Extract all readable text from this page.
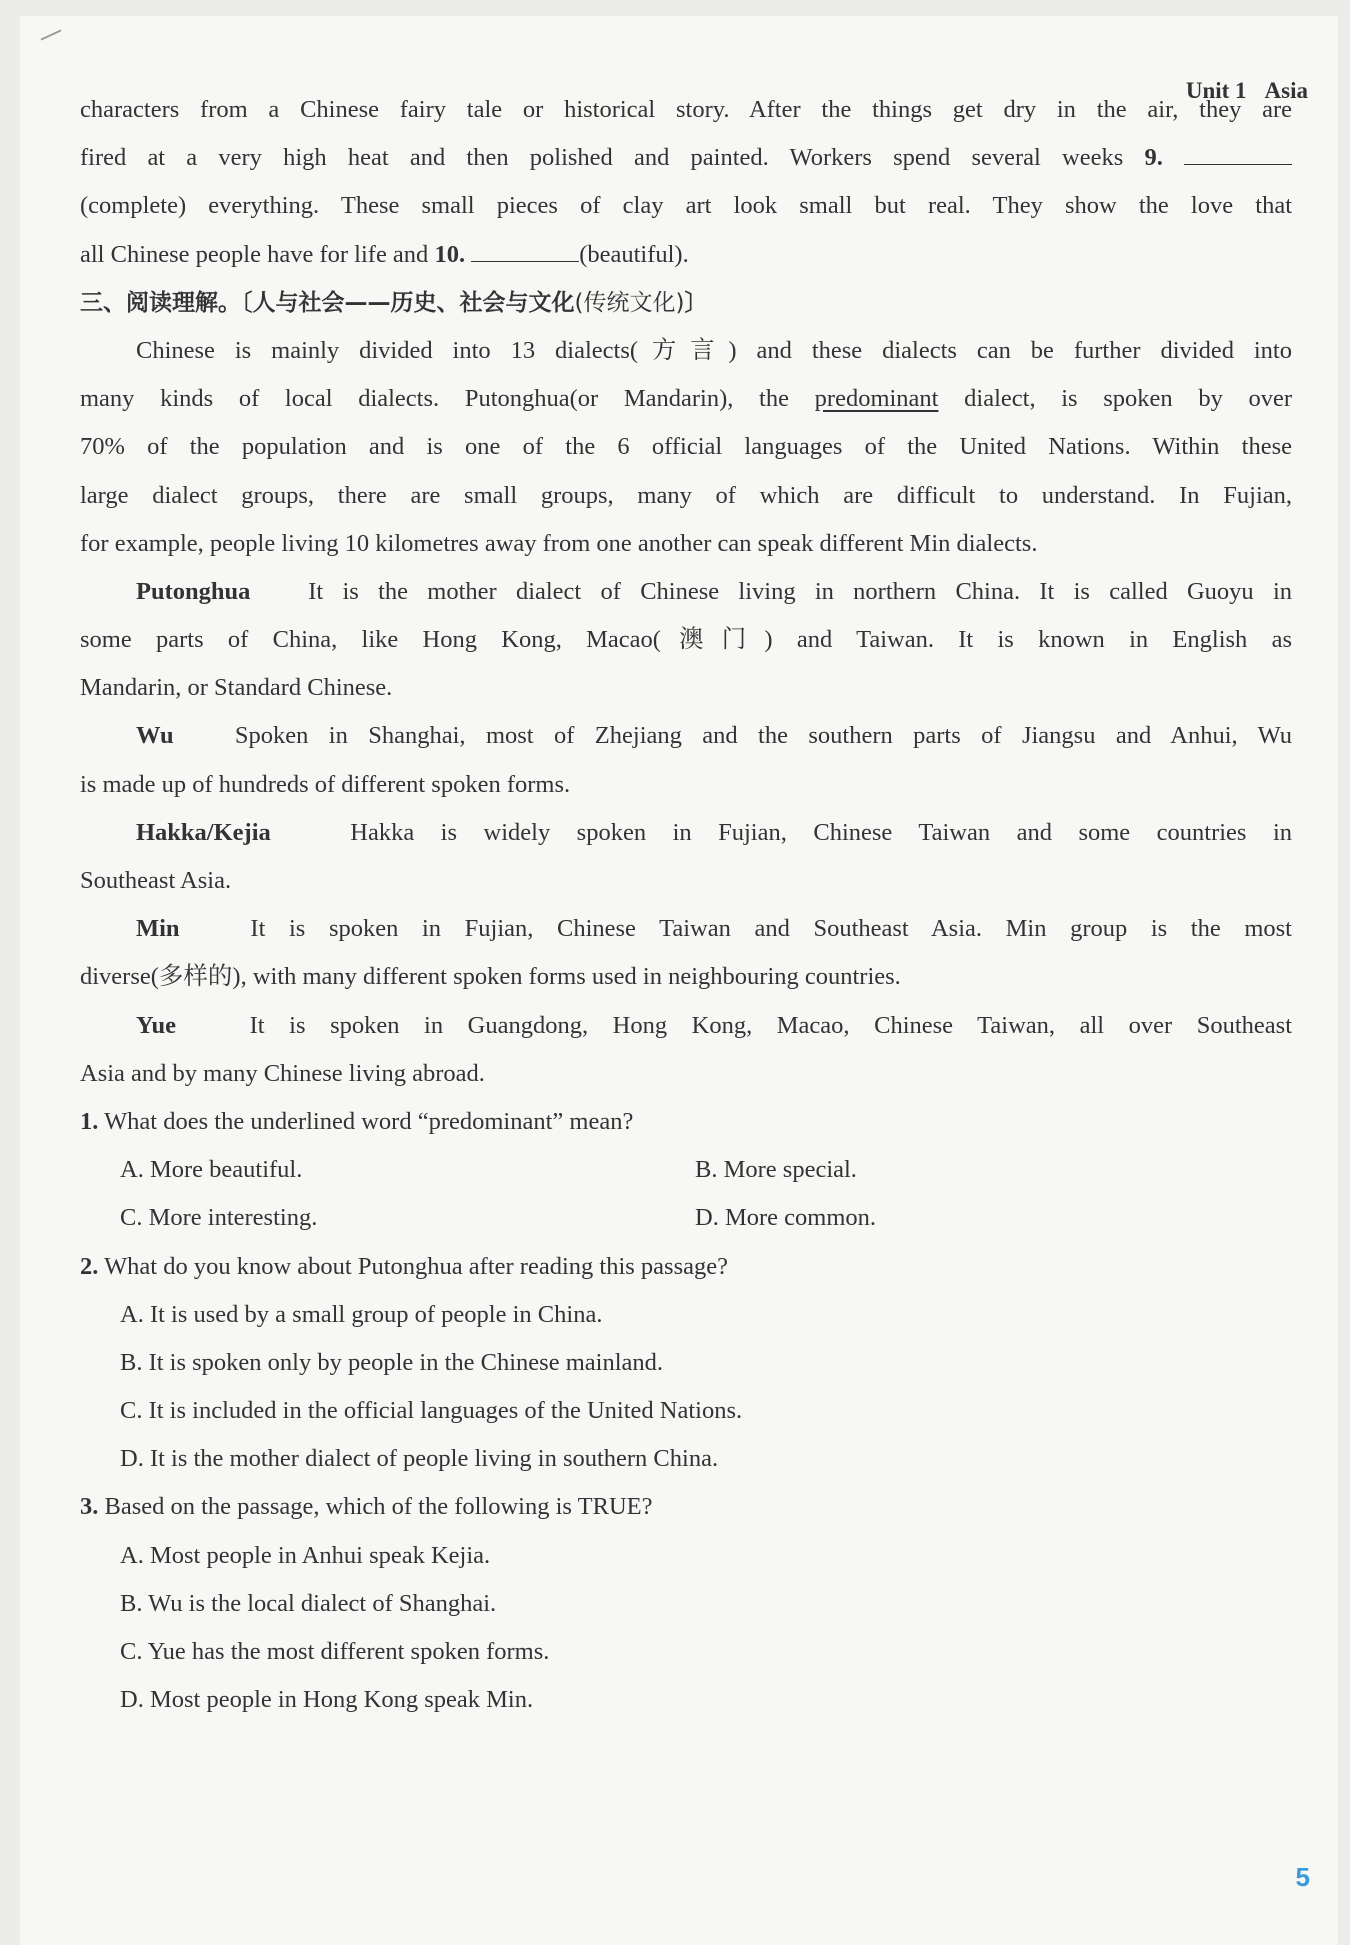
Unit 1 Asia
characters from a Chinese fairy tale or historical story. After the things get dry in the air, they are
fired at a very high heat and then polished and painted. Workers spend several weeks 9.
(complete) everything. These small pieces of clay art look small but real. They show the love that
all Chinese people have for life and 10.	(beautiful).
三、阅读理解。〔人与社会——历史、社会与文化(传统文化)〕
Chinese is mainly divided into 13 dialects(方言) and these dialects can be further divided into
many kinds of local dialects. Putonghua(or Mandarin), the predominant dialect, is spoken by over
70% of the population and is one of the 6 official languages of the United Nations. Within these
large dialect groups, there are small groups, many of which are difficult to understand. In Fujian,
for example, people living 10 kilometres away from one another can speak different Min dialects.
Putonghua It is the mother dialect of Chinese living in northern China. It is called Guoyu in
some parts of China, like Hong Kong, Macao(澳门) and Taiwan. It is known in English as
Mandarin, or Standard Chinese.
Wu Spoken in Shanghai, most of Zhejiang and the southern parts of Jiangsu and Anhui, Wu
is made up of hundreds of different spoken forms.
Hakka/Kejia	Hakka is widely spoken in Fujian, Chinese Taiwan and some countries in
Southeast Asia.
Min	It is spoken in Fujian, Chinese Taiwan and Southeast Asia. Min group is the most
diverse(多样的), with many different spoken forms used in neighbouring countries.
Yue	It is spoken in Guangdong, Hong Kong, Macao, Chinese Taiwan, all over Southeast
Asia and by many Chinese living abroad.
1. What does the underlined word “predominant” mean?
A. More beautiful.	B. More special.
C. More interesting.	D. More common.
2. What do you know about Putonghua after reading this passage?
A. It is used by a small group of people in China.
B. It is spoken only by people in the Chinese mainland.
C. It is included in the official languages of the United Nations.
D. It is the mother dialect of people living in southern China.
3. Based on the passage, which of the following is TRUE?
A. Most people in Anhui speak Kejia.
B. Wu is the local dialect of Shanghai.
C. Yue has the most different spoken forms.
D. Most people in Hong Kong speak Min.
5
